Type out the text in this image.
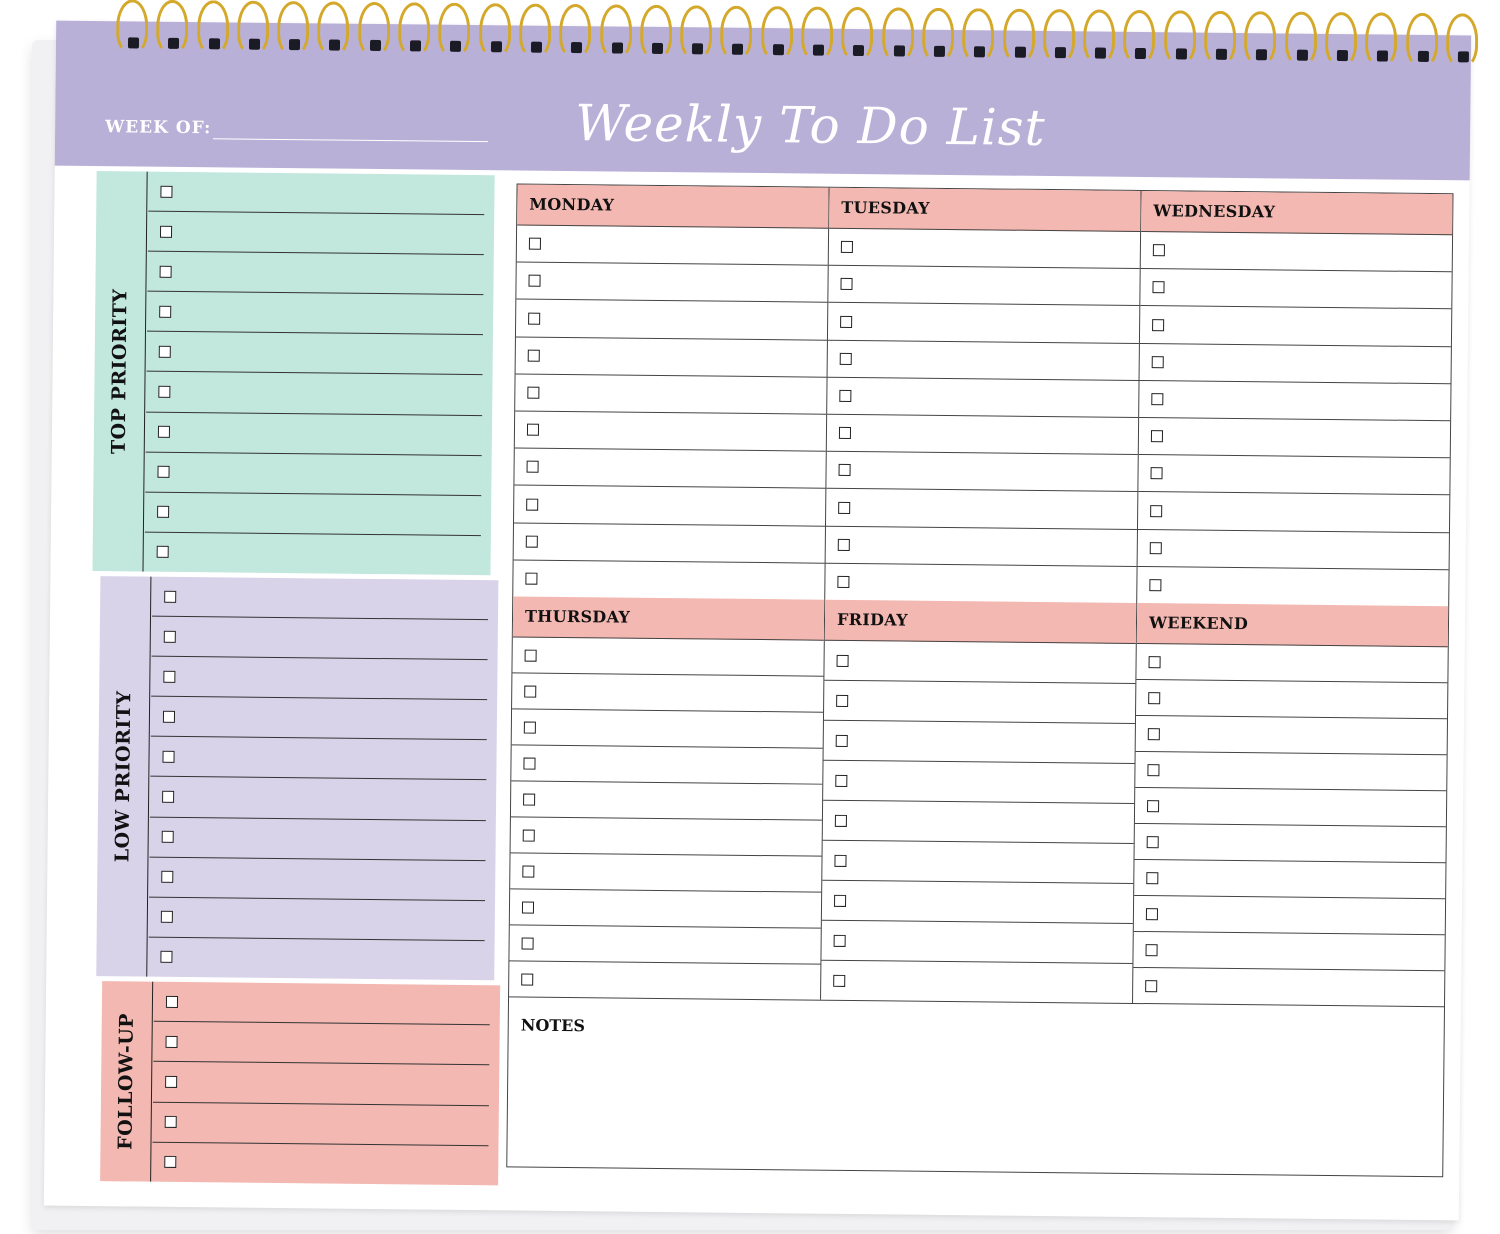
WEEK OF:	Weekly To Do List
TOP PRIORITY
LOW PRIORITY
FOLLOW-UP
MONDAY	TUESDAY	WEDNESDAY
THURSDAY	FRIDAY	WEEKEND
NOTES
